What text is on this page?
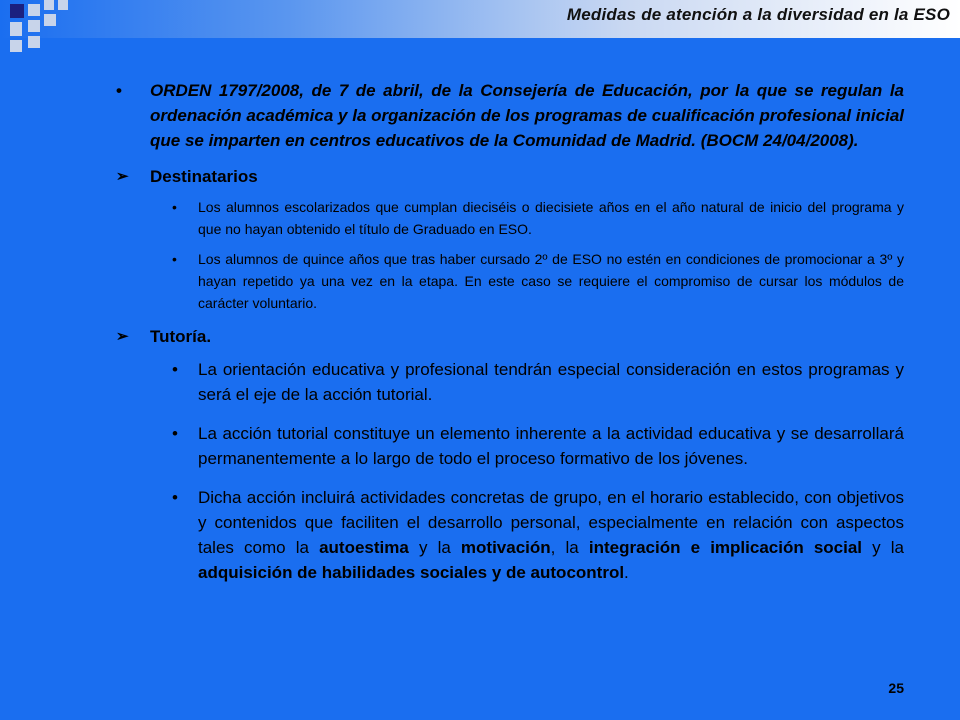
Medidas de atención a la diversidad en la ESO
• ORDEN 1797/2008, de 7 de abril, de la Consejería de Educación, por la que se regulan la ordenación académica y la organización de los programas de cualificación profesional inicial que se imparten en centros educativos de la Comunidad de Madrid. (BOCM 24/04/2008).
➢ Destinatarios
• Los alumnos escolarizados que cumplan dieciséis o diecisiete años en el año natural de inicio del programa y que no hayan obtenido el título de Graduado en ESO.
• Los alumnos de quince años que tras haber cursado 2º de ESO no estén en condiciones de promocionar a 3º y hayan repetido ya una vez en la etapa. En este caso se requiere el compromiso de cursar los módulos de carácter voluntario.
➢ Tutoría.
• La orientación educativa y profesional tendrán especial consideración en estos programas y será el eje de la acción tutorial.
• La acción tutorial constituye un elemento inherente a la actividad educativa y se desarrollará permanentemente a lo largo de todo el proceso formativo de los jóvenes.
• Dicha acción incluirá actividades concretas de grupo, en el horario establecido, con objetivos y contenidos que faciliten el desarrollo personal, especialmente en relación con aspectos tales como la autoestima y la motivación, la integración e implicación social y la adquisición de habilidades sociales y de autocontrol.
25
